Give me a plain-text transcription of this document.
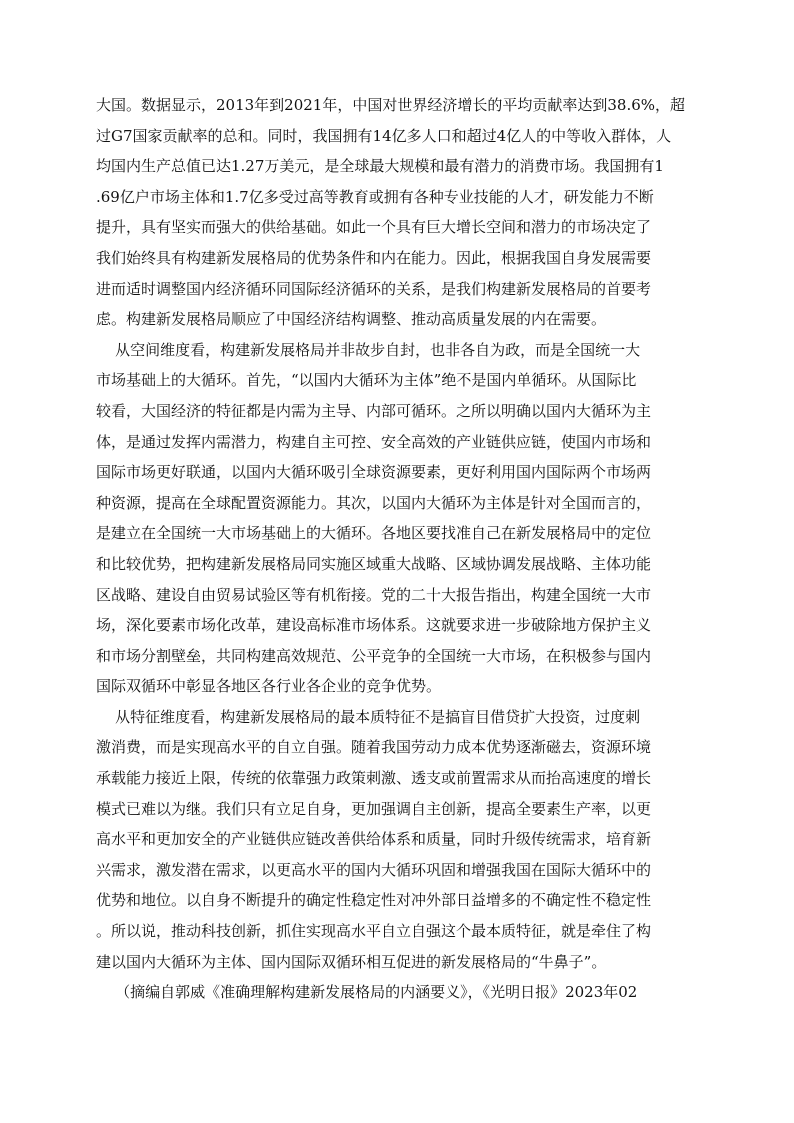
大国。数据显示，2013年到2021年，中国对世界经济增长的平均贡献率达到38.6%，超
过G7国家贡献率的总和。同时，我国拥有14亿多人口和超过4亿人的中等收入群体，人
均国内生产总值已达1.27万美元，是全球最大规模和最有潜力的消费市场。我国拥有1
.69亿户市场主体和1.7亿多受过高等教育或拥有各种专业技能的人才，研发能力不断
提升，具有坚实而强大的供给基础。如此一个具有巨大增长空间和潜力的市场决定了
我们始终具有构建新发展格局的优势条件和内在能力。因此，根据我国自身发展需要
进而适时调整国内经济循环同国际经济循环的关系，是我们构建新发展格局的首要考
虑。构建新发展格局顺应了中国经济结构调整、推动高质量发展的内在需要。
从空间维度看，构建新发展格局并非故步自封，也非各自为政，而是全国统一大
市场基础上的大循环。首先，“以国内大循环为主体”绝不是国内单循环。从国际比
较看，大国经济的特征都是内需为主导、内部可循环。之所以明确以国内大循环为主
体，是通过发挥内需潜力，构建自主可控、安全高效的产业链供应链，使国内市场和
国际市场更好联通，以国内大循环吸引全球资源要素，更好利用国内国际两个市场两
种资源，提高在全球配置资源能力。其次，以国内大循环为主体是针对全国而言的，
是建立在全国统一大市场基础上的大循环。各地区要找准自己在新发展格局中的定位
和比较优势，把构建新发展格局同实施区域重大战略、区域协调发展战略、主体功能
区战略、建设自由贸易试验区等有机衔接。党的二十大报告指出，构建全国统一大市
场，深化要素市场化改革，建设高标准市场体系。这就要求进一步破除地方保护主义
和市场分割壁垒，共同构建高效规范、公平竞争的全国统一大市场，在积极参与国内
国际双循环中彰显各地区各行业各企业的竞争优势。
从特征维度看，构建新发展格局的最本质特征不是搞盲目借贷扩大投资，过度刺
激消费，而是实现高水平的自立自强。随着我国劳动力成本优势逐渐磁去，资源环境
承载能力接近上限，传统的依靠强力政策刺激、透支或前置需求从而抬高速度的增长
模式已难以为继。我们只有立足自身，更加强调自主创新，提高全要素生产率，以更
高水平和更加安全的产业链供应链改善供给体系和质量，同时升级传统需求，培育新
兴需求，激发潜在需求，以更高水平的国内大循环巩固和增强我国在国际大循环中的
优势和地位。以自身不断提升的确定性稳定性对冲外部日益增多的不确定性不稳定性
。所以说，推动科技创新，抓住实现高水平自立自强这个最本质特征，就是牵住了构
建以国内大循环为主体、国内国际双循环相互促进的新发展格局的“牛鼻子”。
（摘编自郭威《准确理解构建新发展格局的内涵要义》，《光明日报》2023年02
